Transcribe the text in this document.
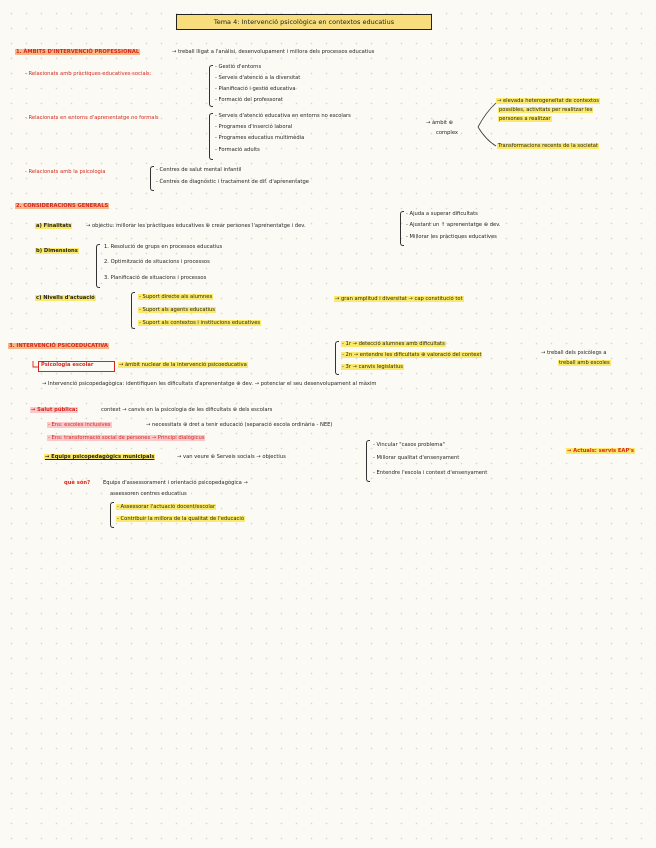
Tema 4: Intervenció psicològica en contextos educatius
1. ÀMBITS D'INTERVENCIÓ PROFESSIONAL	→ treball lligat a l'anàlisi, desenvolupament i millora dels processos educatius
- Relacionats amb pràctiques educatives socials:
- Gestió d'entorns
- Serveis d'atenció a la diversitat
- Planificació i gestió educativa
- Formació del professorat
- Relacionats en entorns d'aprenentatge no formals	- Serveis d'atenció educativa en entorns no escolars
- Programes d'inserció laboral
- Programes educatius multimèdia
- Formació adults
→ àmbit ⊕
complex
→ elevada heterogeneïtat de contextos
possibles, activitats per realitzar les
persones a realitzar
Transformacions recents de la societat
- Relacionats amb la psicologia	- Centres de salut mental infantil
- Centres de diagnòstic i tractament de dif. d'aprenentatge
2. CONSIDERACIONS GENERALS
a) Finalitats	→ objectiu: millorar les pràctiques educatives ⊕ crear persones l'aprenentatge i dev.
- Ajuda a superar dificultats
- Ajustant un ↑ aprenentatge ⊕ dev.
- Millorar les pràctiques educatives
b) Dimensions
1. Resolució de grups en processos educatius
2. Optimització de situacions i processos
3. Planificació de situacions i processos
c) Nivells d'actuació	- Suport directe als alumnes
- Suport als agents educatius
- Suport als contextos i institucions educatives
→ gran amplitud i diversitat → cap constitució tot
3. INTERVENCIÓ PSICOEDUCATIVA
Psicologia escolar	→ àmbit nuclear de la intervenció psicoeducativa
- 1r → detecció alumnes amb dificultats
- 2n → entendre les dificultats ⊕ valoració del context
- 3r → canvis legislatius
→ treball dels psicòlegs a
treball amb escoles
→ Intervenció psicopedagògica: identifiquen les dificultats d'aprenentatge ⊕ dev. → potenciar el seu desenvolupament al màxim
→ Salut pública:	context → canvis en la psicologia de les dificultats ⊕ dels escolars
- Ens: escoles inclusives	→ necessitats ⊕ dret a tenir educació (separació escola ordinària - NEE)
- Ens: transformació social de persones → Principi dialògicus
→ Equips psicopedagògics municipals	→ van veure ⊕ Serveis socials → objectius
- Vincular "casos problema"
- Millorar qualitat d'ensenyament
- Entendre l'escola i context d'ensenyament
→ Actuals: servis EAP's
què són? Equips d'assessorament i orientació psicopedagògica →
assessoren centres educatius
- Assessorar l'actuació docent/escolar
- Contribuir la millora de la qualitat de l'educació
